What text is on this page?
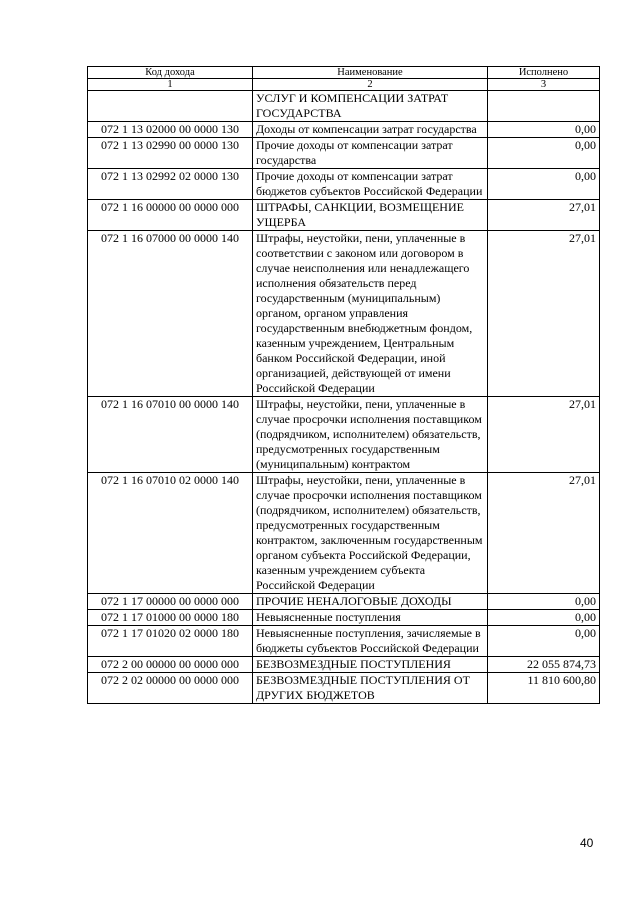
Код дохода	Наименование	Исполнено
1	2	3
	УСЛУГ И КОМПЕНСАЦИИ ЗАТРАТ ГОСУДАРСТВА	
072 1 13 02000 00 0000 130	Доходы от компенсации затрат государства	0,00
072 1 13 02990 00 0000 130	Прочие доходы от компенсации затрат государства	0,00
072 1 13 02992 02 0000 130	Прочие доходы от компенсации затрат бюджетов субъектов Российской Федерации	0,00
072 1 16 00000 00 0000 000	ШТРАФЫ, САНКЦИИ, ВОЗМЕЩЕНИЕ УЩЕРБА	27,01
072 1 16 07000 00 0000 140	Штрафы, неустойки, пени, уплаченные в соответствии с законом или договором в случае неисполнения или ненадлежащего исполнения обязательств перед государственным (муниципальным) органом, органом управления государственным внебюджетным фондом, казенным учреждением, Центральным банком Российской Федерации, иной организацией, действующей от имени Российской Федерации	27,01
072 1 16 07010 00 0000 140	Штрафы, неустойки, пени, уплаченные в случае просрочки исполнения поставщиком (подрядчиком, исполнителем) обязательств, предусмотренных государственным (муниципальным) контрактом	27,01
072 1 16 07010 02 0000 140	Штрафы, неустойки, пени, уплаченные в случае просрочки исполнения поставщиком (подрядчиком, исполнителем) обязательств, предусмотренных государственным контрактом, заключенным государственным органом субъекта Российской Федерации, казенным учреждением субъекта Российской Федерации	27,01
072 1 17 00000 00 0000 000	ПРОЧИЕ НЕНАЛОГОВЫЕ ДОХОДЫ	0,00
072 1 17 01000 00 0000 180	Невыясненные поступления	0,00
072 1 17 01020 02 0000 180	Невыясненные поступления, зачисляемые в бюджеты субъектов Российской Федерации	0,00
072 2 00 00000 00 0000 000	БЕЗВОЗМЕЗДНЫЕ ПОСТУПЛЕНИЯ	22 055 874,73
072 2 02 00000 00 0000 000	БЕЗВОЗМЕЗДНЫЕ ПОСТУПЛЕНИЯ ОТ ДРУГИХ БЮДЖЕТОВ	11 810 600,80
40
